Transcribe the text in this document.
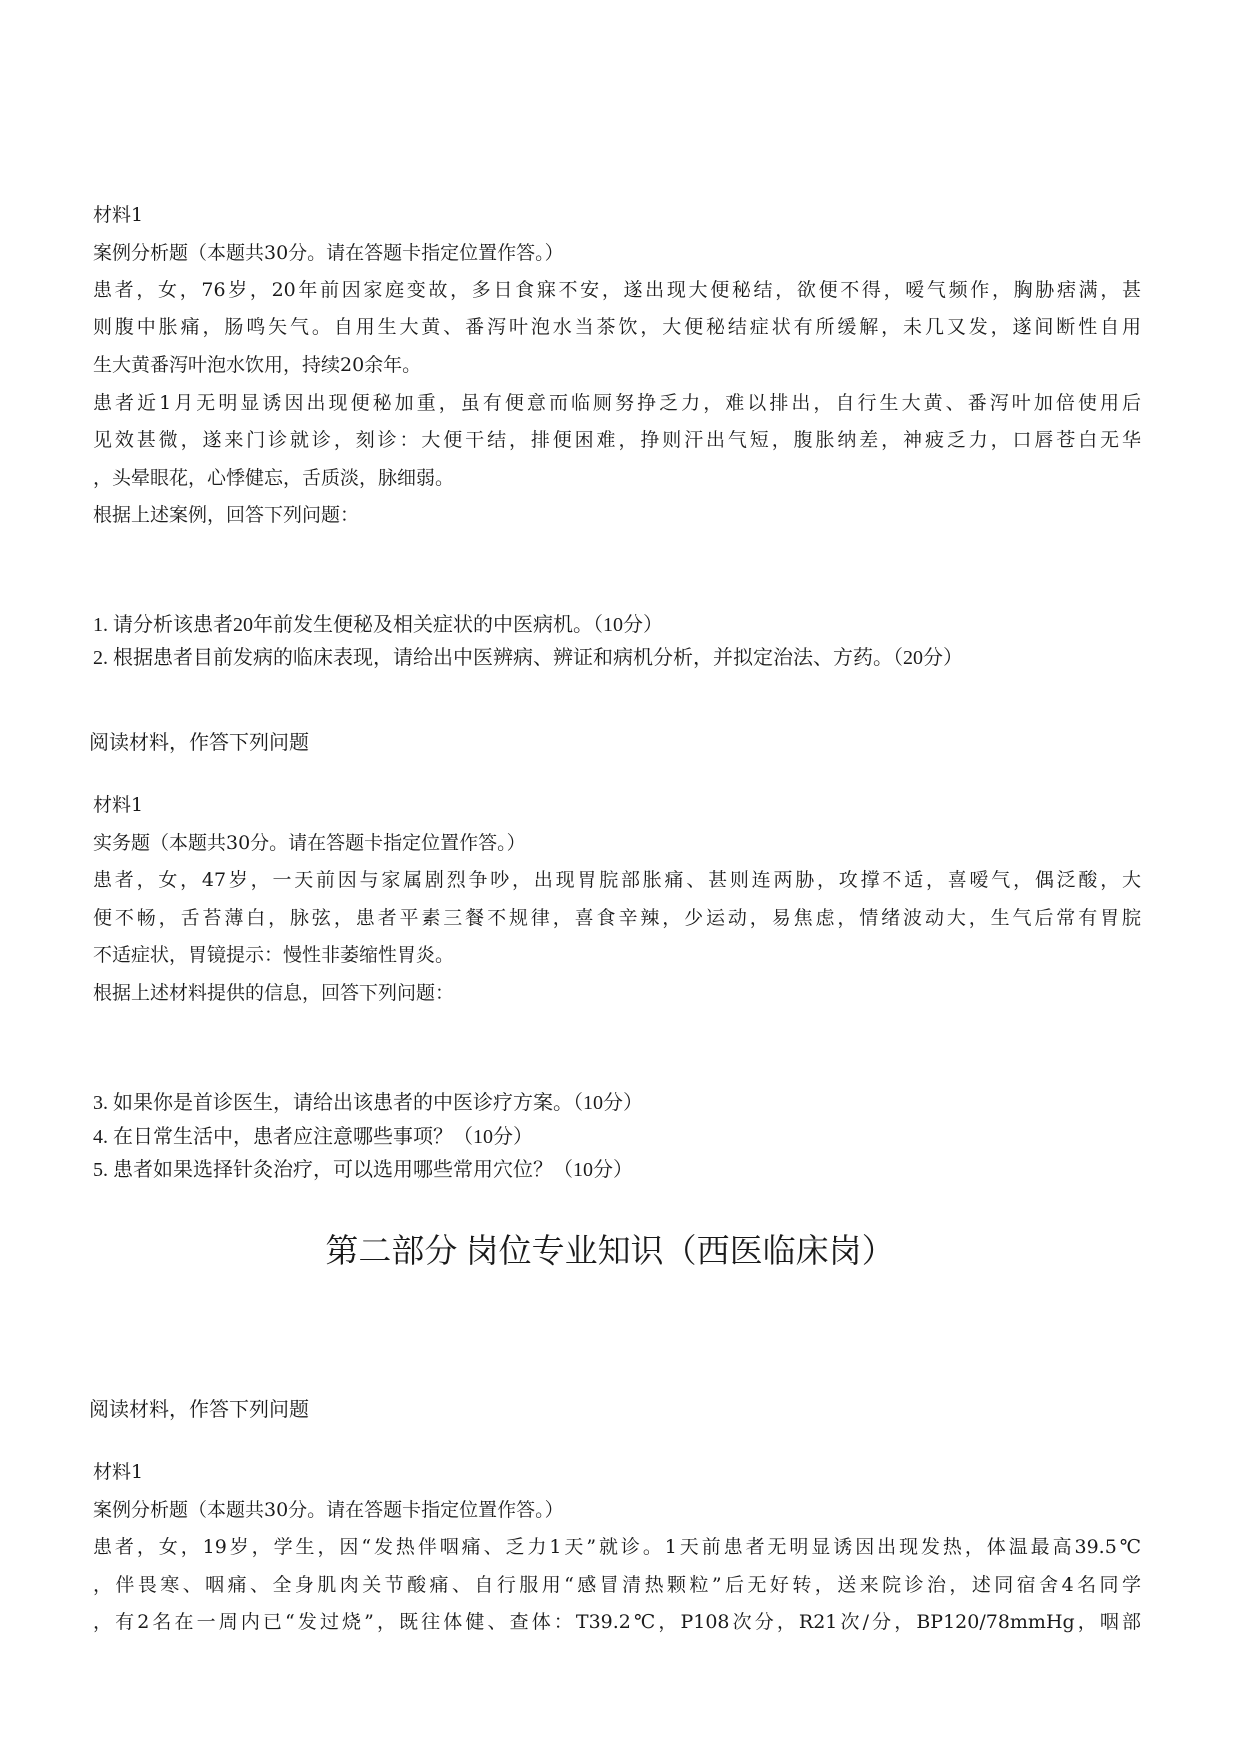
材料1
案例分析题（本题共30分。请在答题卡指定位置作答。）
患者，女，76岁，20年前因家庭变故，多日食寐不安，遂出现大便秘结，欲便不得，嗳气频作，胸胁痞满，甚
则腹中胀痛，肠鸣矢气。自用生大黄、番泻叶泡水当茶饮，大便秘结症状有所缓解，未几又发，遂间断性自用
生大黄番泻叶泡水饮用，持续20余年。
患者近1月无明显诱因出现便秘加重，虽有便意而临厕努挣乏力，难以排出，自行生大黄、番泻叶加倍使用后
见效甚微，遂来门诊就诊，刻诊：大便干结，排便困难，挣则汗出气短，腹胀纳差，神疲乏力，口唇苍白无华
，头晕眼花，心悸健忘，舌质淡，脉细弱。
根据上述案例，回答下列问题：
1. 请分析该患者20年前发生便秘及相关症状的中医病机。（10分）
2. 根据患者目前发病的临床表现，请给出中医辨病、辨证和病机分析，并拟定治法、方药。（20分）
阅读材料，作答下列问题
材料1
实务题（本题共30分。请在答题卡指定位置作答。）
患者，女，47岁，一天前因与家属剧烈争吵，出现胃脘部胀痛、甚则连两胁，攻撑不适，喜嗳气，偶泛酸，大
便不畅，舌苔薄白，脉弦，患者平素三餐不规律，喜食辛辣，少运动，易焦虑，情绪波动大，生气后常有胃脘
不适症状，胃镜提示：慢性非萎缩性胃炎。
根据上述材料提供的信息，回答下列问题：
3. 如果你是首诊医生，请给出该患者的中医诊疗方案。（10分）
4. 在日常生活中，患者应注意哪些事项？（10分）
5. 患者如果选择针灸治疗，可以选用哪些常用穴位？（10分）
第二部分 岗位专业知识（西医临床岗）
阅读材料，作答下列问题
材料1
案例分析题（本题共30分。请在答题卡指定位置作答。）
患者，女，19岁，学生，因“发热伴咽痛、乏力1天”就诊。1天前患者无明显诱因出现发热，体温最高39.5℃
，伴畏寒、咽痛、全身肌肉关节酸痛、自行服用“感冒清热颗粒”后无好转，送来院诊治，述同宿舍4名同学
，有2名在一周内已“发过烧”，既往体健、查体：T39.2℃，P108次分，R21次/分，BP120/78mmHg，咽部
